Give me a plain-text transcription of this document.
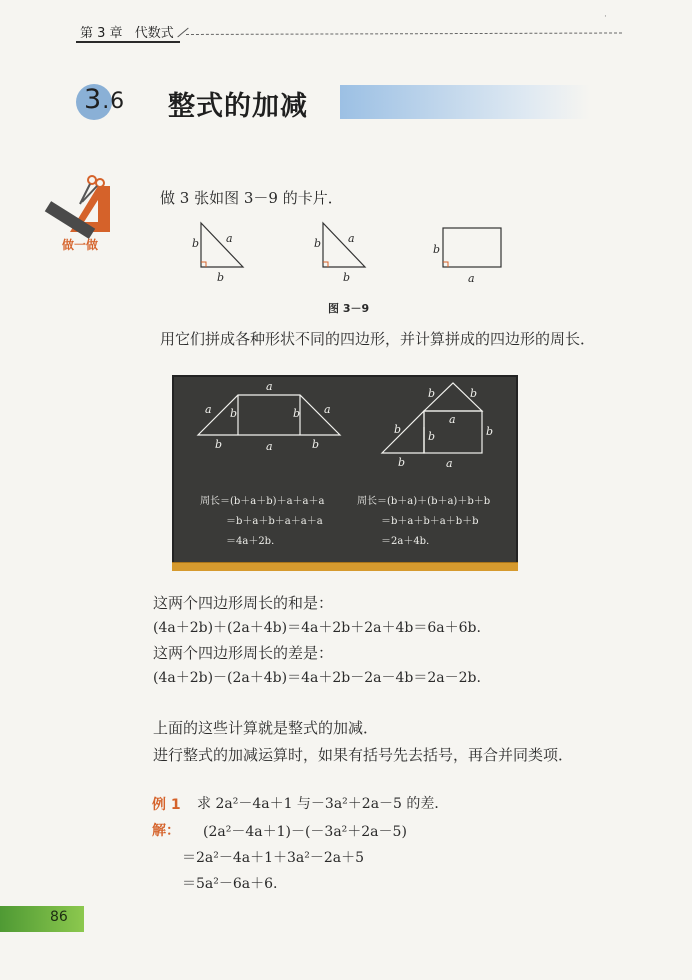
第 3 章 代数式
·
3.6 整式的加减
做一做
做 3 张如图 3－9 的卡片．
b a
b
b a
b
b
a
图 3－9
用它们拼成各种形状不同的四边形，并计算拼成的四边形的周长．
a
a b	a
b
b	a	b
b	b
a
b
b	b
b	a
周长＝(b＋a＋b)＋a＋a＋a
＝b＋a＋b＋a＋a＋a
＝4a＋2b．
周长＝(b＋a)＋(b＋a)＋b＋b
＝b＋a＋b＋a＋b＋b
＝2a＋4b．
这两个四边形周长的和是：
(4a＋2b)＋(2a＋4b)＝4a＋2b＋2a＋4b＝6a＋6b.
这两个四边形周长的差是：
(4a＋2b)－(2a＋4b)＝4a＋2b－2a－4b＝2a－2b.
上面的这些计算就是整式的加减．
进行整式的加减运算时，如果有括号先去括号，再合并同类项．
例 1 求 2a²－4a＋1 与－3a²＋2a－5 的差．
解： (2a²－4a＋1)－(－3a²＋2a－5)
＝2a²－4a＋1＋3a²－2a＋5
＝5a²－6a＋6.
86
